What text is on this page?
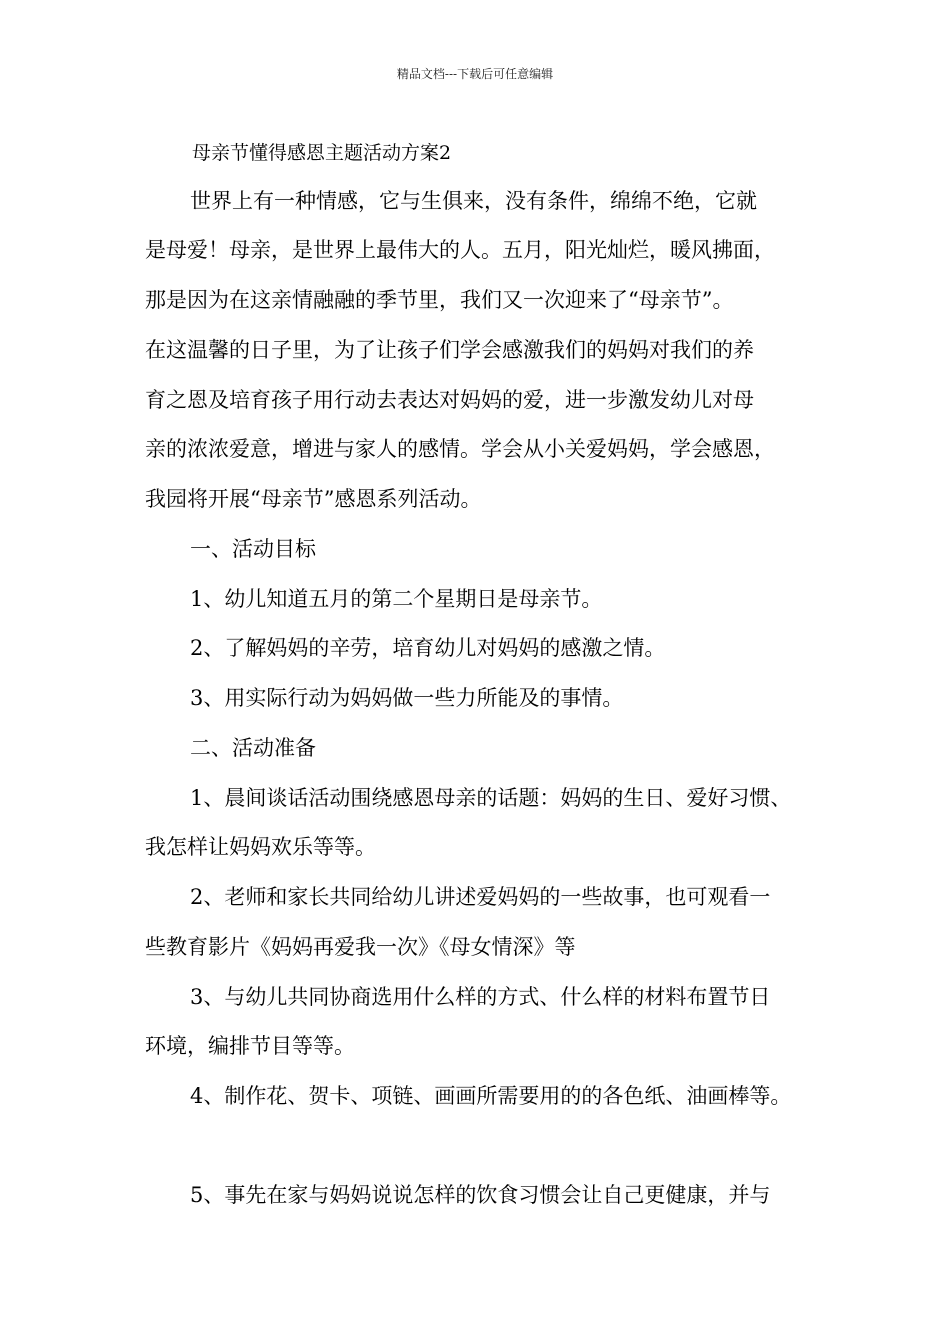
精品文档---下载后可任意编辑
母亲节懂得感恩主题活动方案2
世界上有一种情感，它与生俱来，没有条件，绵绵不绝，它就
是母爱！母亲，是世界上最伟大的人。五月，阳光灿烂，暖风拂面，
那是因为在这亲情融融的季节里，我们又一次迎来了“母亲节”。
在这温馨的日子里，为了让孩子们学会感激我们的妈妈对我们的养
育之恩及培育孩子用行动去表达对妈妈的爱，进一步激发幼儿对母
亲的浓浓爱意，增进与家人的感情。学会从小关爱妈妈，学会感恩，
我园将开展“母亲节”感恩系列活动。
一、活动目标
1、幼儿知道五月的第二个星期日是母亲节。
2、了解妈妈的辛劳，培育幼儿对妈妈的感激之情。
3、用实际行动为妈妈做一些力所能及的事情。
二、活动准备
1、晨间谈话活动围绕感恩母亲的话题：妈妈的生日、爱好习惯、
我怎样让妈妈欢乐等等。
2、老师和家长共同给幼儿讲述爱妈妈的一些故事，也可观看一
些教育影片《妈妈再爱我一次》《母女情深》等
3、与幼儿共同协商选用什么样的方式、什么样的材料布置节日
环境，编排节目等等。
4、制作花、贺卡、项链、画画所需要用的的各色纸、油画棒等。
5、事先在家与妈妈说说怎样的饮食习惯会让自己更健康，并与
